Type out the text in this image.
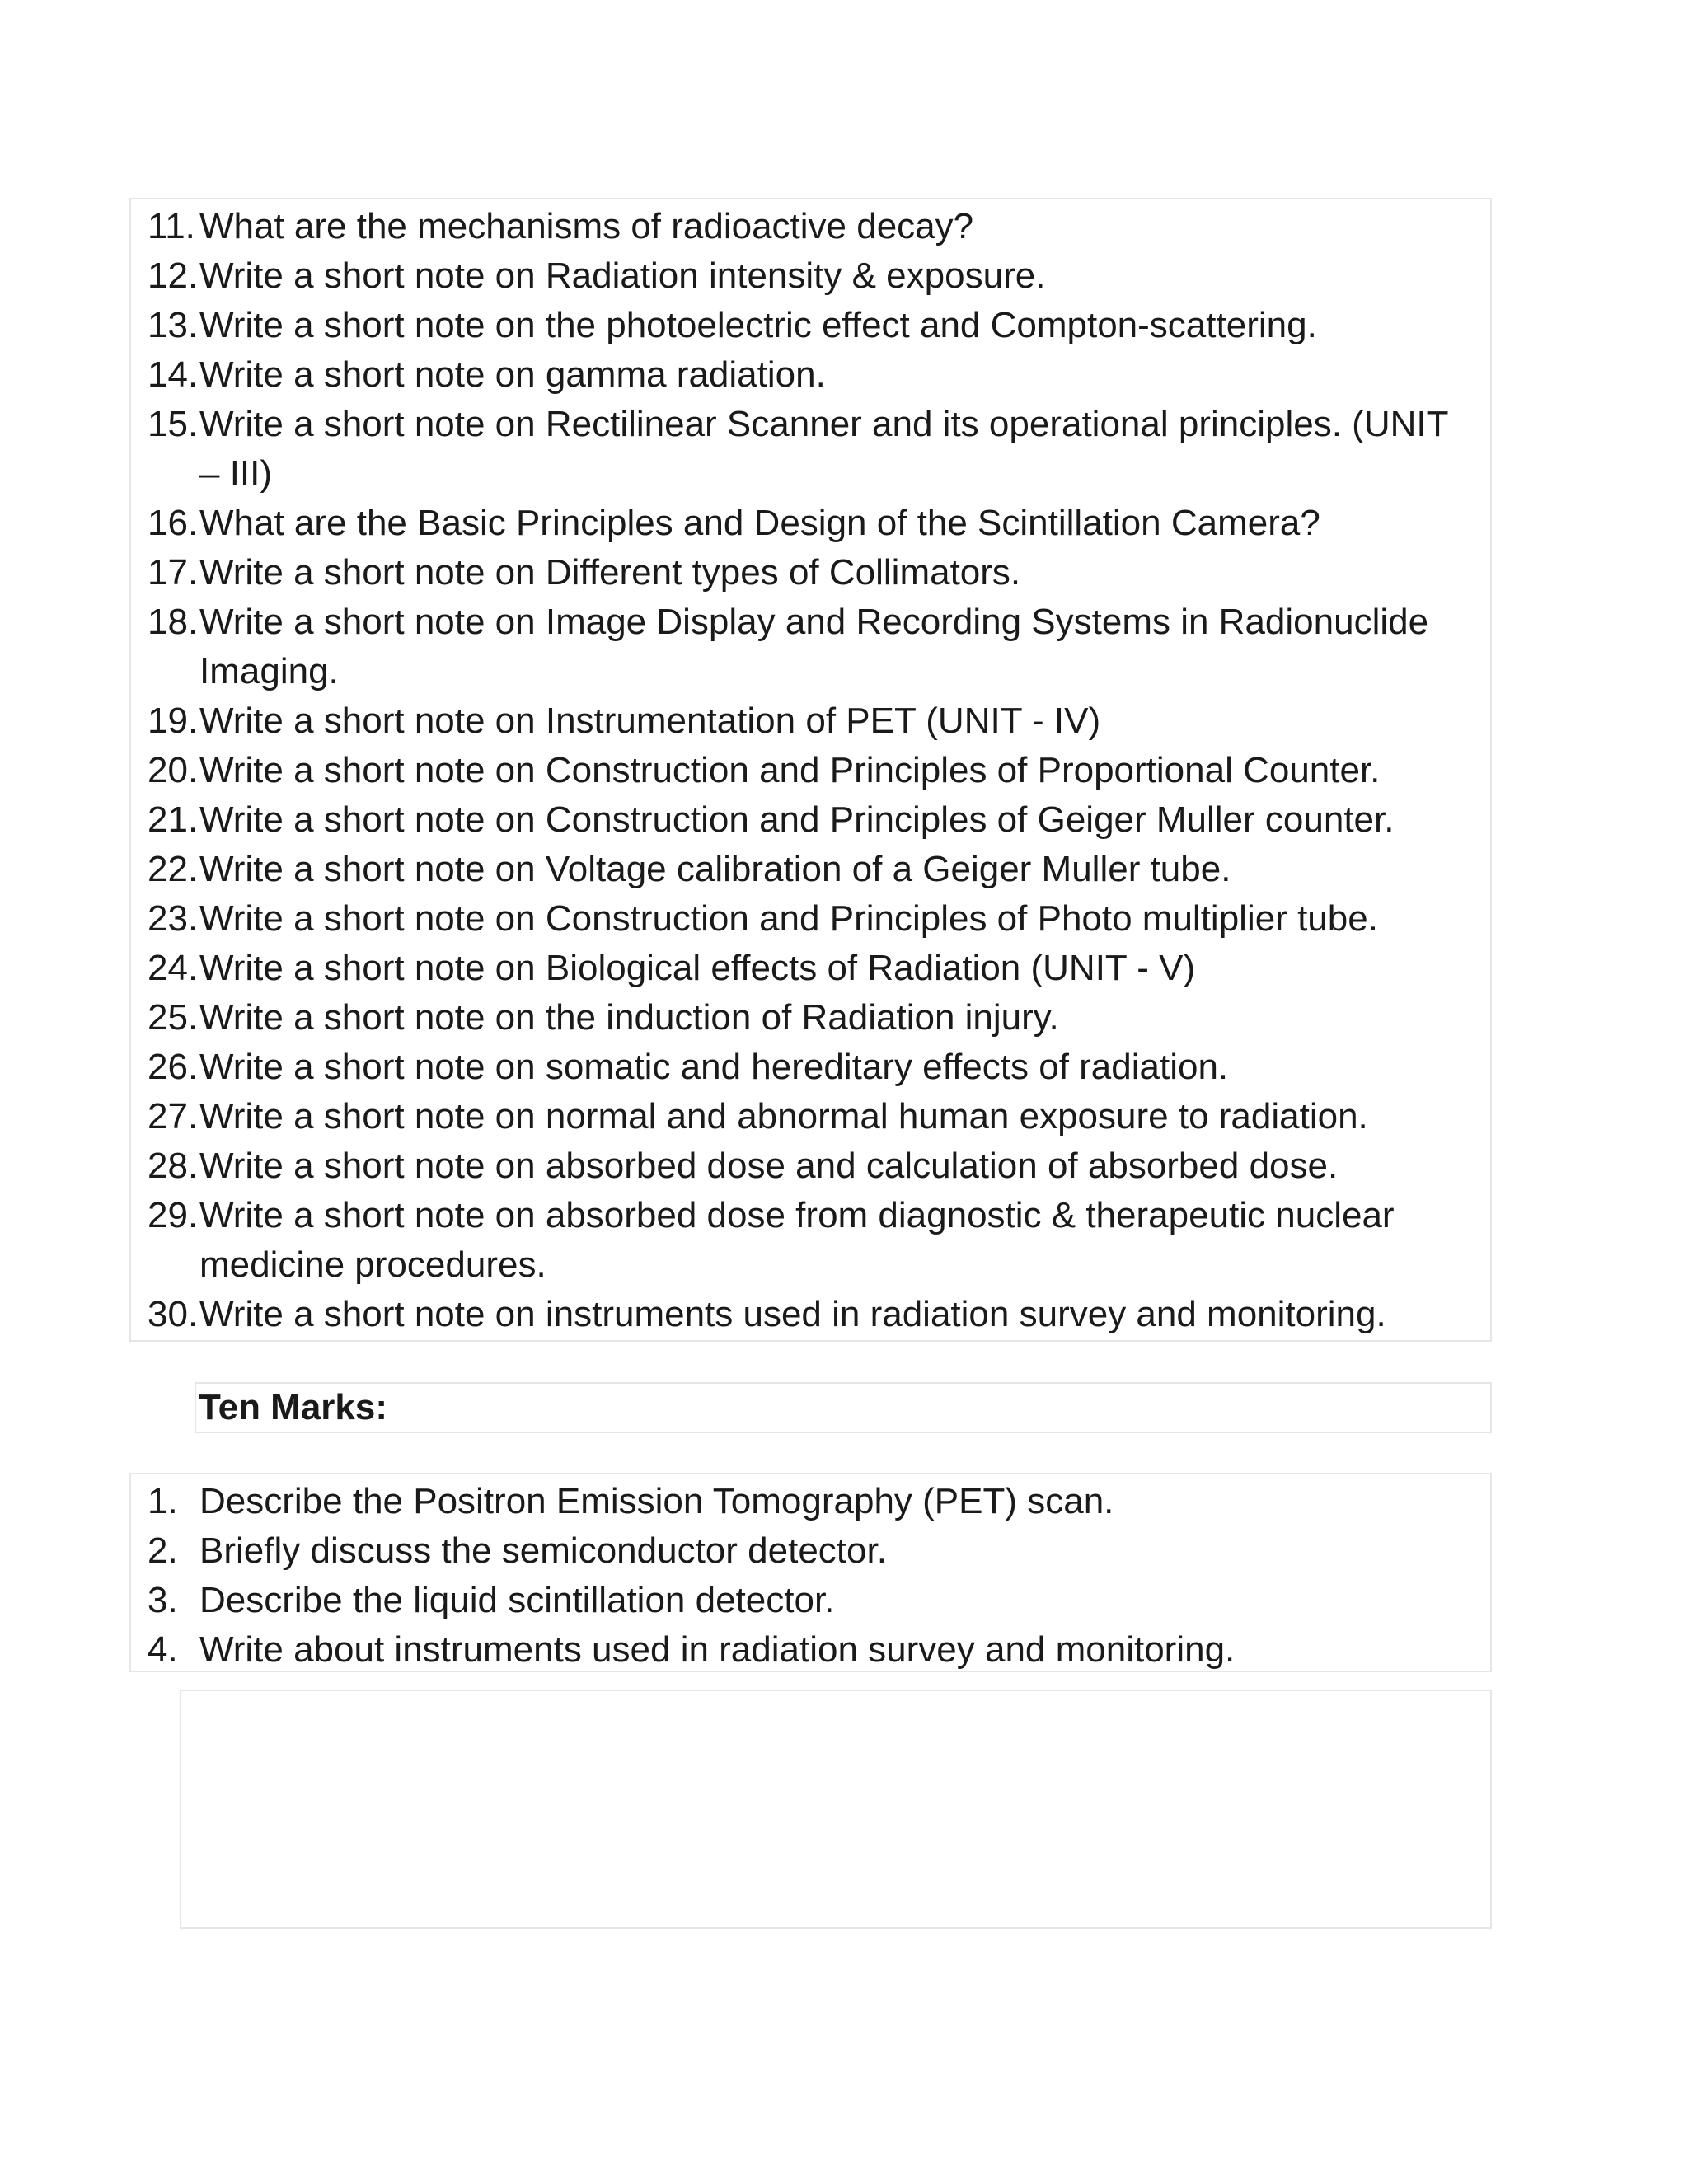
11. What are the mechanisms of radioactive decay?
12. Write a short note on Radiation intensity & exposure.
13. Write a short note on the photoelectric effect and Compton-scattering.
14. Write a short note on gamma radiation.
15. Write a short note on Rectilinear Scanner and its operational principles. (UNIT – III)
16. What are the Basic Principles and Design of the Scintillation Camera?
17. Write a short note on Different types of Collimators.
18. Write a short note on Image Display and Recording Systems in Radionuclide Imaging.
19. Write a short note on Instrumentation of PET (UNIT - IV)
20. Write a short note on Construction and Principles of Proportional Counter.
21. Write a short note on Construction and Principles of Geiger Muller counter.
22. Write a short note on Voltage calibration of a Geiger Muller tube.
23. Write a short note on Construction and Principles of Photo multiplier tube.
24. Write a short note on Biological effects of Radiation (UNIT - V)
25. Write a short note on the induction of Radiation injury.
26. Write a short note on somatic and hereditary effects of radiation.
27. Write a short note on normal and abnormal human exposure to radiation.
28. Write a short note on absorbed dose and calculation of absorbed dose.
29. Write a short note on absorbed dose from diagnostic & therapeutic nuclear medicine procedures.
30. Write a short note on instruments used in radiation survey and monitoring.
Ten Marks:
1. Describe the Positron Emission Tomography (PET) scan.
2. Briefly discuss the semiconductor detector.
3. Describe the liquid scintillation detector.
4. Write about instruments used in radiation survey and monitoring.
